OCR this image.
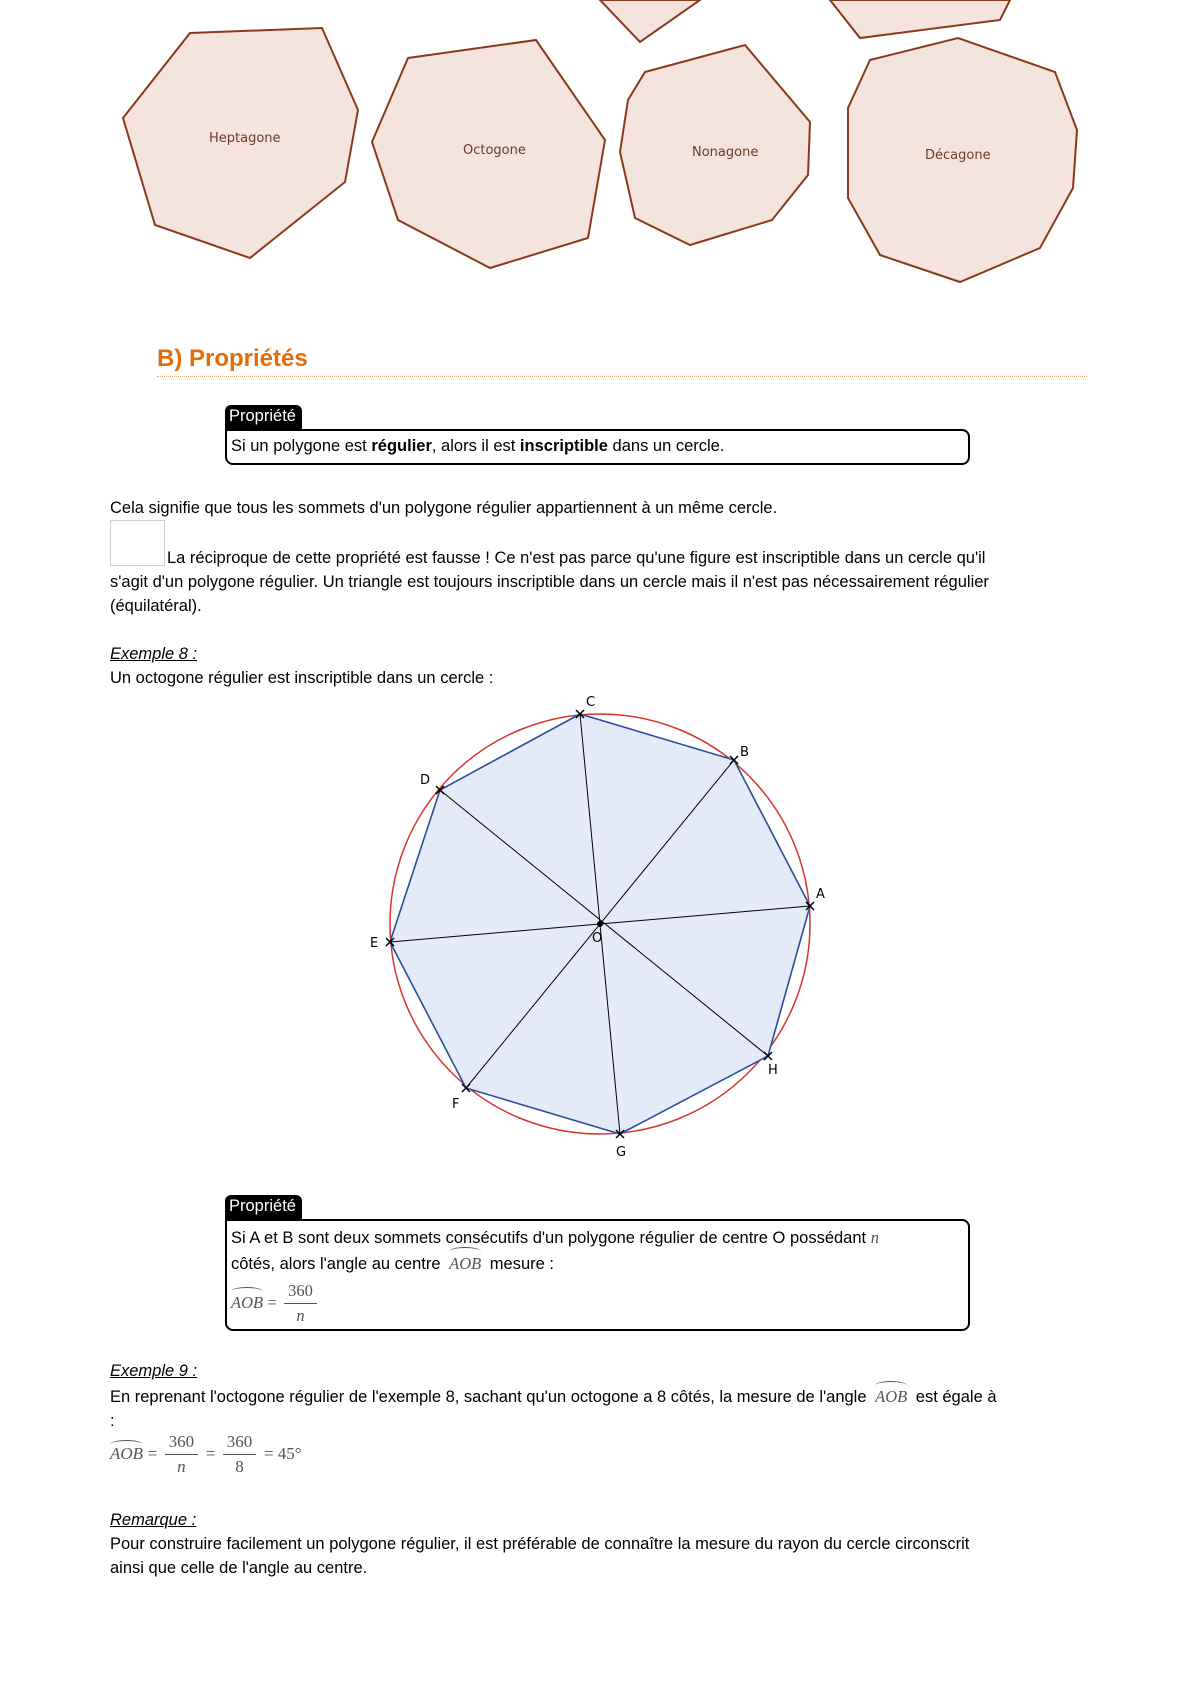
Heptagone
Octogone	Nonagone	Décagone
B) Propriétés
Propriété
Si un polygone est régulier, alors il est inscriptible dans un cercle.
Cela signifie que tous les sommets d'un polygone régulier appartiennent à un même cercle.
La réciproque de cette propriété est fausse ! Ce n'est pas parce qu'une figure est inscriptible dans un cercle qu'il
s'agit d'un polygone régulier. Un triangle est toujours inscriptible dans un cercle mais il n'est pas nécessairement régulier
(équilatéral).
Exemple 8 :
Un octogone régulier est inscriptible dans un cercle :
A
B
C
D
E
F
G
H
O
Propriété
Si A et B sont deux sommets consécutifs d'un polygone régulier de centre O possédant n
côtés, alors l'angle au centre AOB mesure :
AOB = $\frac{360}{n}$
Exemple 9 :
En reprenant l'octogone régulier de l'exemple 8, sachant qu'un octogone a 8 côtés, la mesure de l'angle AOB est égale à
:
AOB = $\frac{360}{n} = \frac{360}{8} = 45^\circ$
Remarque :
Pour construire facilement un polygone régulier, il est préférable de connaître la mesure du rayon du cercle circonscrit
ainsi que celle de l'angle au centre.
